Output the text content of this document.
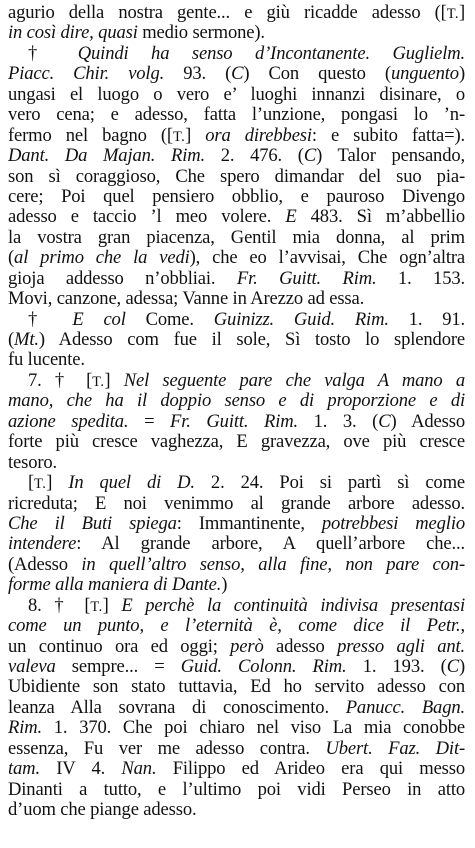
agurio della nostra gente... e giù ricadde adesso ([T.]
in così dire, quasi medio sermone).
† Quindi ha senso d’Incontanente. Guglielm.
Piacc. Chir. volg. 93. (C) Con questo (unguento)
ungasi el luogo o vero e’ luoghi innanzi disinare, o
vero cena; e adesso, fatta l’unzione, pongasi lo ’n-
fermo nel bagno ([T.] ora direbbesi: e subito fatta=).
Dant. Da Majan. Rim. 2. 476. (C) Talor pensando,
son sì coraggioso, Che spero dimandar del suo pia-
cere; Poi quel pensiero obblio, e pauroso Divengo
adesso e taccio ’l meo volere. E 483. Sì m’abbellio
la vostra gran piacenza, Gentil mia donna, al prim
(al primo che la vedi), che eo l’avvisai, Che ogn’altra
gioja addesso n’obbliai. Fr. Guitt. Rim. 1. 153.
Movi, canzone, adessa; Vanne in Arezzo ad essa.
† E col Come. Guinizz. Guid. Rim. 1. 91.
(Mt.) Adesso com fue il sole, Sì tosto lo splendore
fu lucente.
7. † [T.] Nel seguente pare che valga A mano a
mano, che ha il doppio senso e di proporzione e di
azione spedita. = Fr. Guitt. Rim. 1. 3. (C) Adesso
forte più cresce vaghezza, E gravezza, ove più cresce
tesoro.
[T.] In quel di D. 2. 24. Poi si partì sì come
ricreduta; E noi venimmo al grande arbore adesso.
Che il Buti spiega: Immantinente, potrebbesi meglio
intendere: Al grande arbore, A quell’arbore che...
(Adesso in quell’altro senso, alla fine, non pare con-
forme alla maniera di Dante.)
8. † [T.] E perchè la continuità indivisa presentasi
come un punto, e l’eternità è, come dice il Petr.,
un continuo ora ed oggi; però adesso presso agli ant.
valeva sempre... = Guid. Colonn. Rim. 1. 193. (C)
Ubidiente son stato tuttavia, Ed ho servito adesso con
leanza Alla sovrana di conoscimento. Panucc. Bagn.
Rim. 1. 370. Che poi chiaro nel viso La mia conobbe
essenza, Fu ver me adesso contra. Ubert. Faz. Dit-
tam. IV 4. Nan. Filippo ed Arideo era qui messo
Dinanti a tutto, e l’ultimo poi vidi Perseo in atto
d’uom che piange adesso.
